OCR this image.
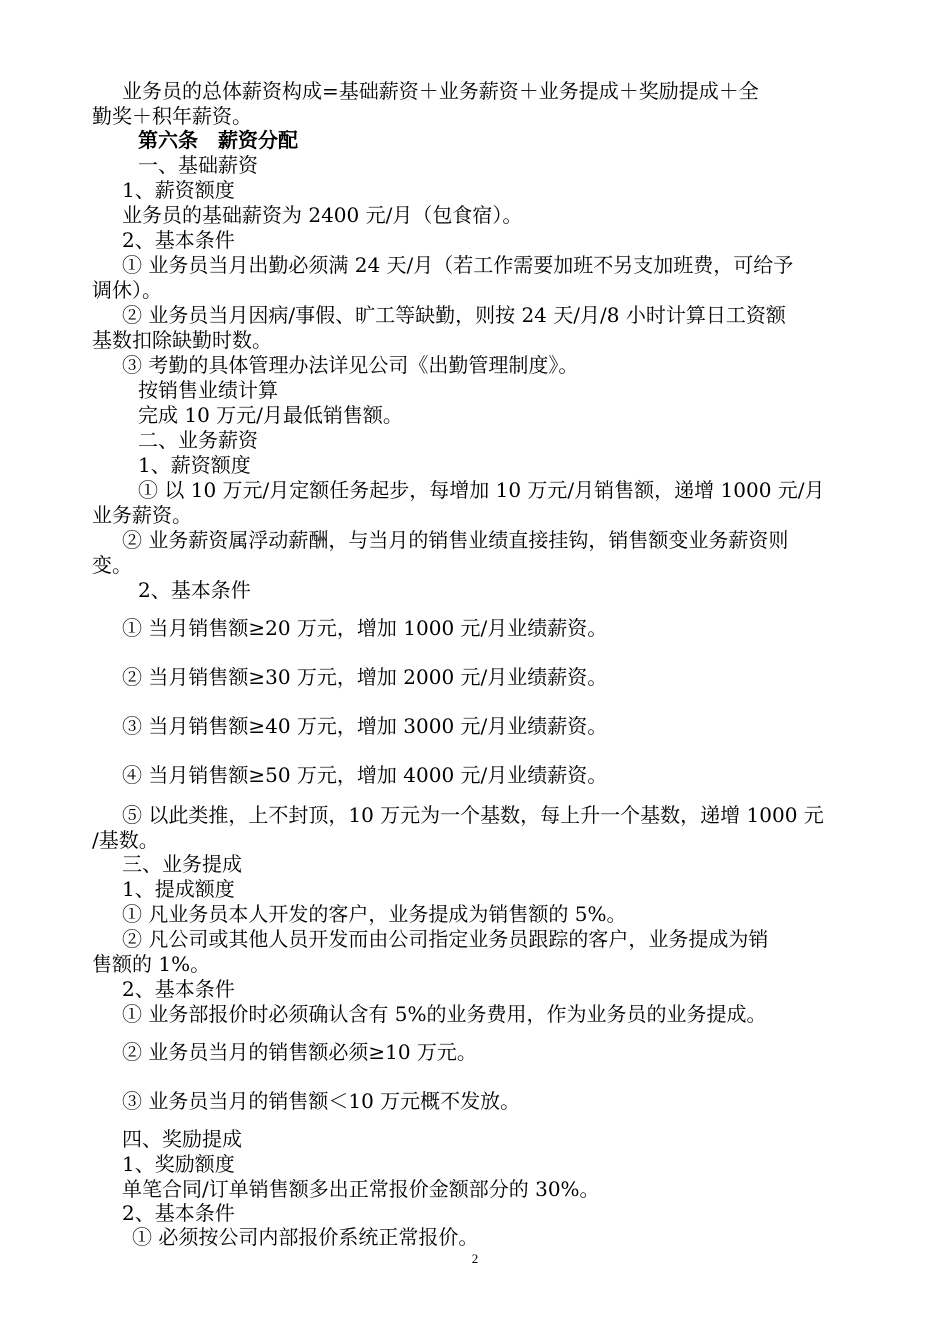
业务员的总体薪资构成=基础薪资＋业务薪资＋业务提成＋奖励提成＋全
勤奖＋积年薪资。
第六条　薪资分配
一、基础薪资
1、薪资额度
业务员的基础薪资为 2400 元/月（包食宿）。
2、基本条件
① 业务员当月出勤必须满 24 天/月（若工作需要加班不另支加班费，可给予
调休）。
② 业务员当月因病/事假、旷工等缺勤，则按 24 天/月/8 小时计算日工资额
基数扣除缺勤时数。
③ 考勤的具体管理办法详见公司《出勤管理制度》。
按销售业绩计算
完成 10 万元/月最低销售额。
二、业务薪资
1、薪资额度
① 以 10 万元/月定额任务起步，每增加 10 万元/月销售额，递增 1000 元/月
业务薪资。
② 业务薪资属浮动薪酬，与当月的销售业绩直接挂钩，销售额变业务薪资则
变。
2、基本条件
① 当月销售额≥20 万元，增加 1000 元/月业绩薪资。
② 当月销售额≥30 万元，增加 2000 元/月业绩薪资。
③ 当月销售额≥40 万元，增加 3000 元/月业绩薪资。
④ 当月销售额≥50 万元，增加 4000 元/月业绩薪资。
⑤ 以此类推，上不封顶，10 万元为一个基数，每上升一个基数，递增 1000 元
/基数。
三、业务提成
1、提成额度
① 凡业务员本人开发的客户，业务提成为销售额的 5%。
② 凡公司或其他人员开发而由公司指定业务员跟踪的客户，业务提成为销
售额的 1%。
2、基本条件
① 业务部报价时必须确认含有 5%的业务费用，作为业务员的业务提成。
② 业务员当月的销售额必须≥10 万元。
③ 业务员当月的销售额＜10 万元概不发放。
四、奖励提成
1、奖励额度
单笔合同/订单销售额多出正常报价金额部分的 30%。
2、基本条件
① 必须按公司内部报价系统正常报价。
2
